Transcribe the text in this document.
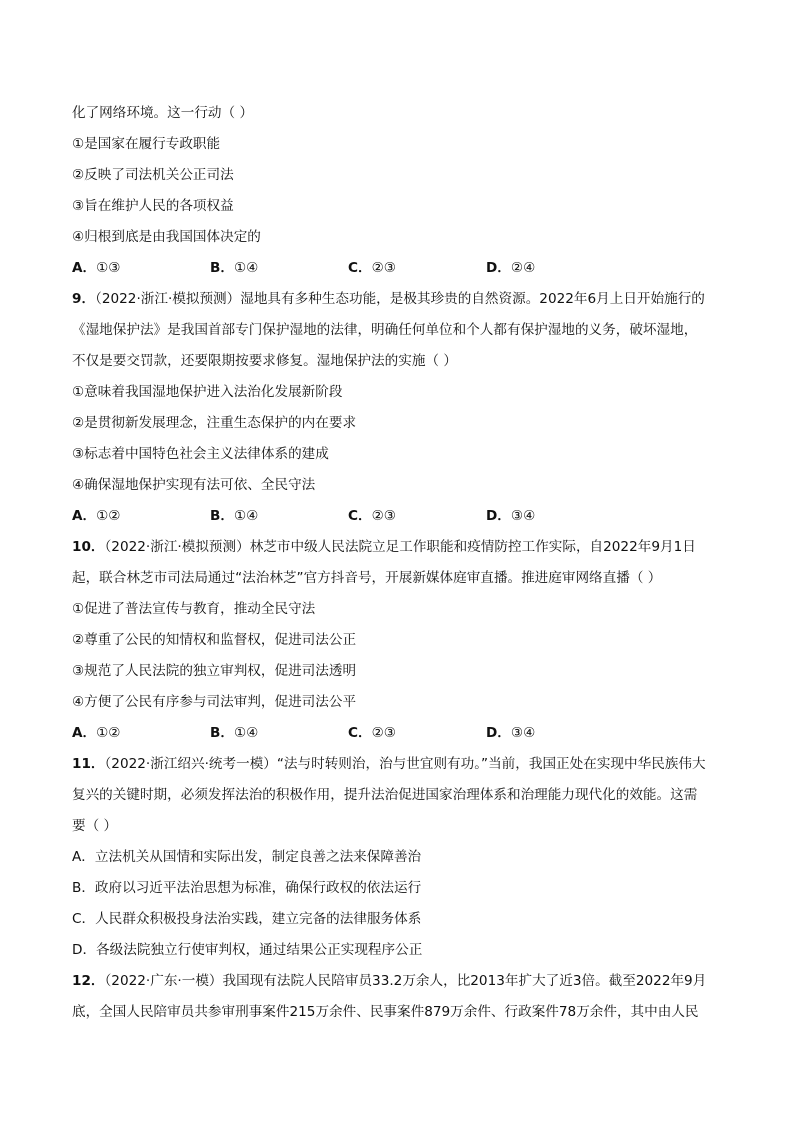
化了网络环境。这一行动（ ）
①是国家在履行专政职能
②反映了司法机关公正司法
③旨在维护人民的各项权益
④归根到底是由我国国体决定的
A．①③	B．①④	C．②③	D．②④
9．（2022·浙江·模拟预测）湿地具有多种生态功能，是极其珍贵的自然资源。2022年6月上日开始施行的
《湿地保护法》是我国首部专门保护湿地的法律，明确任何单位和个人都有保护湿地的义务，破坏湿地，
不仅是要交罚款，还要限期按要求修复。湿地保护法的实施（ ）
①意味着我国湿地保护进入法治化发展新阶段
②是贯彻新发展理念，注重生态保护的内在要求
③标志着中国特色社会主义法律体系的建成
④确保湿地保护实现有法可依、全民守法
A．①②	B．①④	C．②③	D．③④
10．（2022·浙江·模拟预测）林芝市中级人民法院立足工作职能和疫情防控工作实际，自2022年9月1日
起，联合林芝市司法局通过“法治林芝”官方抖音号，开展新媒体庭审直播。推进庭审网络直播（ ）
①促进了普法宣传与教育，推动全民守法
②尊重了公民的知情权和监督权，促进司法公正
③规范了人民法院的独立审判权，促进司法透明
④方便了公民有序参与司法审判，促进司法公平
A．①②	B．①④	C．②③	D．③④
11．（2022·浙江绍兴·统考一模）“法与时转则治，治与世宜则有功。”当前，我国正处在实现中华民族伟大
复兴的关键时期，必须发挥法治的积极作用，提升法治促进国家治理体系和治理能力现代化的效能。这需
要（ ）
A．立法机关从国情和实际出发，制定良善之法来保障善治
B．政府以习近平法治思想为标准，确保行政权的依法运行
C．人民群众积极投身法治实践，建立完备的法律服务体系
D．各级法院独立行使审判权，通过结果公正实现程序公正
12．（2022·广东·一模）我国现有法院人民陪审员33.2万余人，比2013年扩大了近3倍。截至2022年9月
底，全国人民陪审员共参审刑事案件215万余件、民事案件879万余件、行政案件78万余件，其中由人民
